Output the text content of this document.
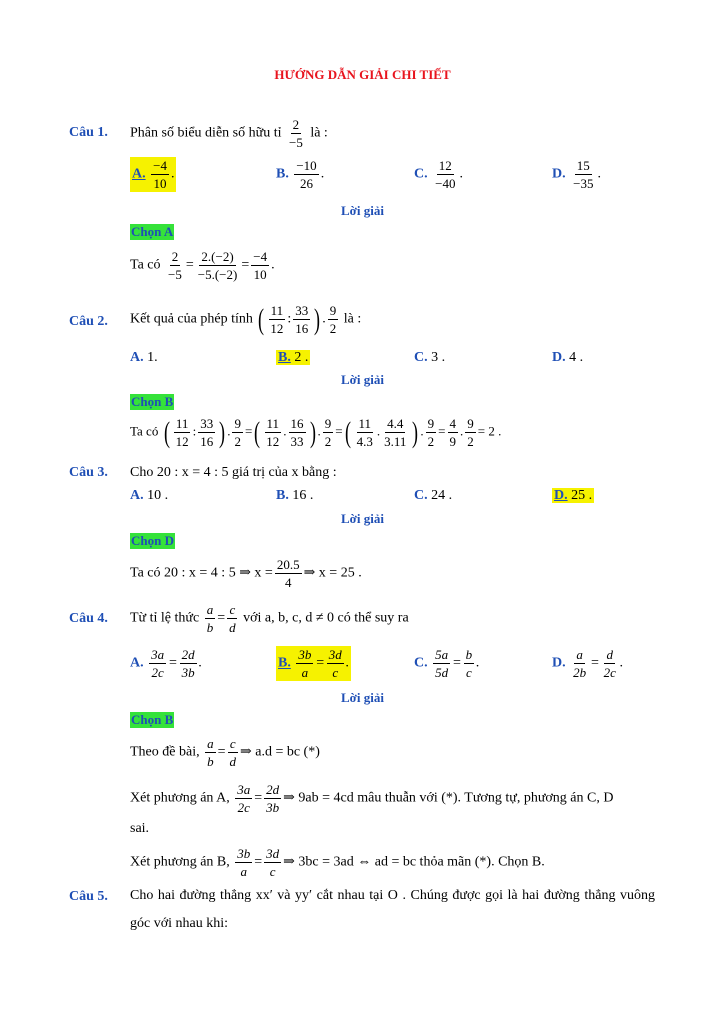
HƯỚNG DẪN GIẢI CHI TIẾT
Câu 1. Phân số biểu diễn số hữu tỉ $\frac{2}{-5}$ là :
A. $\frac{-4}{10}$ .	B. $\frac{-10}{26}$ .	C. $\frac{12}{-40}$ .	D. $\frac{15}{-35}$ .
Lời giải
Chọn A
Ta có $\frac{2}{-5} = \frac{2.(-2)}{-5.(-2)} = \frac{-4}{10}$ .
Câu 2. Kết quả của phép tính ( $\frac{11}{12}$ : $\frac{33}{16}$ ) . $\frac{9}{2}$ là :
A. 1.	B. 2 .	C. 3 .	D. 4 .
Lời giải
Chọn B
Ta có ( $\frac{11}{12}$ : $\frac{33}{16}$ ) . $\frac{9}{2}$ =( $\frac{11}{12}$ . $\frac{16}{33}$ ) . $\frac{9}{2}$ =( $\frac{11}{4.3}$ . $\frac{4.4}{3.11}$ ) . $\frac{9}{2} = \frac{4}{9}$ . $\frac{9}{2} = 2$ .
Câu 3. Cho 20 : x = 4 : 5 giá trị của x bằng :
A. 10 .	B. 16 .	C. 24 .	D. 25 .
Lời giải
Chọn D
Ta có 20 : x = 4 : 5 ⇒ $x = \frac{20.5}{4}$ ⇒ x = 25 .
Câu 4. Từ tỉ lệ thức $\frac{a}{b} = \frac{c}{d}$ với a, b, c, d ≠ 0 có thể suy ra
A. $\frac{3a}{2c} = \frac{2d}{3b}$ .	B. $\frac{3b}{a} = \frac{3d}{c}$ .	C. $\frac{5a}{5d} = \frac{b}{c}$ .	D. $\frac{a}{2b} = \frac{d}{2c}$ .
Lời giải
Chọn B
Theo đề bài, $\frac{a}{b} = \frac{c}{d}$ ⇒ a.d = bc (*)
Xét phương án A, $\frac{3a}{2c} = \frac{2d}{3b}$ ⇒ 9ab = 4cd mâu thuẫn với (*). Tương tự, phương án C, D
sai.
Xét phương án B, $\frac{3b}{a} = \frac{3d}{c}$ ⇒ 3bc = 3ad ⇔ ad = bc thỏa mãn (*). Chọn B.
Câu 5. Cho hai đường thẳng xx′ và yy′ cắt nhau tại O . Chúng được gọi là hai đường thẳng vuông góc với nhau khi:
